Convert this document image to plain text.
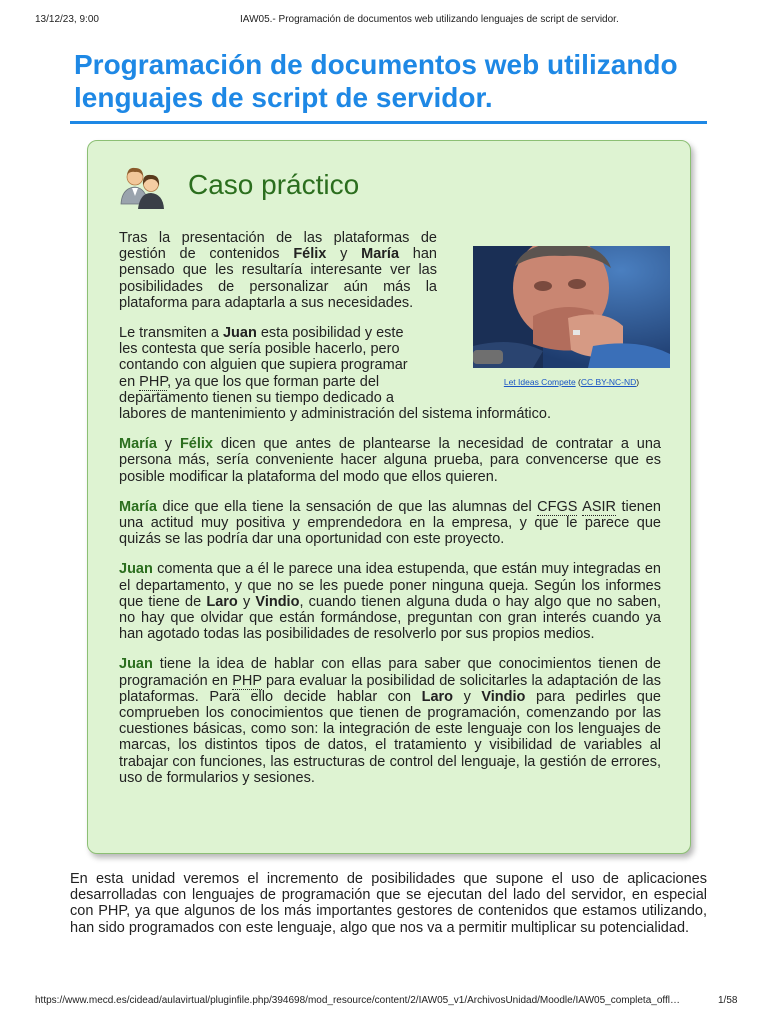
13/12/23, 9:00	IAW05.- Programación de documentos web utilizando lenguajes de script de servidor.
Programación de documentos web utilizando lenguajes de script de servidor.
Caso práctico
Let Ideas Compete (CC BY-NC-ND)

Tras la presentación de las plataformas de gestión de contenidos Félix y María han pensado que les resultaría interesante ver las posibilidades de personalizar aún más la plataforma para adaptarla a sus necesidades.

Le transmiten a Juan esta posibilidad y este
les contesta que sería posible hacerlo, pero
contando con alguien que supiera programar
en PHP, ya que los que forman parte del
departamento tienen su tiempo dedicado a
labores de mantenimiento y administración del sistema informático.

María y Félix dicen que antes de plantearse la necesidad de contratar a una persona más, sería conveniente hacer alguna prueba, para convencerse que es posible modificar la plataforma del modo que ellos quieren.

María dice que ella tiene la sensación de que las alumnas del CFGS ASIR tienen una actitud muy positiva y emprendedora en la empresa, y que le parece que quizás se las podría dar una oportunidad con este proyecto.

Juan comenta que a él le parece una idea estupenda, que están muy integradas en el departamento, y que no se les puede poner ninguna queja. Según los informes que tiene de Laro y Vindio, cuando tienen alguna duda o hay algo que no saben, no hay que olvidar que están formándose, preguntan con gran interés cuando ya han agotado todas las posibilidades de resolverlo por sus propios medios.

Juan tiene la idea de hablar con ellas para saber que conocimientos tienen de programación en PHP para evaluar la posibilidad de solicitarles la adaptación de las plataformas. Para ello decide hablar con Laro y Vindio para pedirles que comprueben los conocimientos que tienen de programación, comenzando por las cuestiones básicas, como son: la integración de este lenguaje con los lenguajes de marcas, los distintos tipos de datos, el tratamiento y visibilidad de variables al trabajar con funciones, las estructuras de control del lenguaje, la gestión de errores, uso de formularios y sesiones.

En esta unidad veremos el incremento de posibilidades que supone el uso de aplicaciones desarrolladas con lenguajes de programación que se ejecutan del lado del servidor, en especial con PHP, ya que algunos de los más importantes gestores de contenidos que estamos utilizando, han sido programados con este lenguaje, algo que nos va a permitir multiplicar su potencialidad.

https://www.mecd.es/cidead/aulavirtual/pluginfile.php/394698/mod_resource/content/2/IAW05_v1/ArchivosUnidad/Moodle/IAW05_completa_offl…	1/58
